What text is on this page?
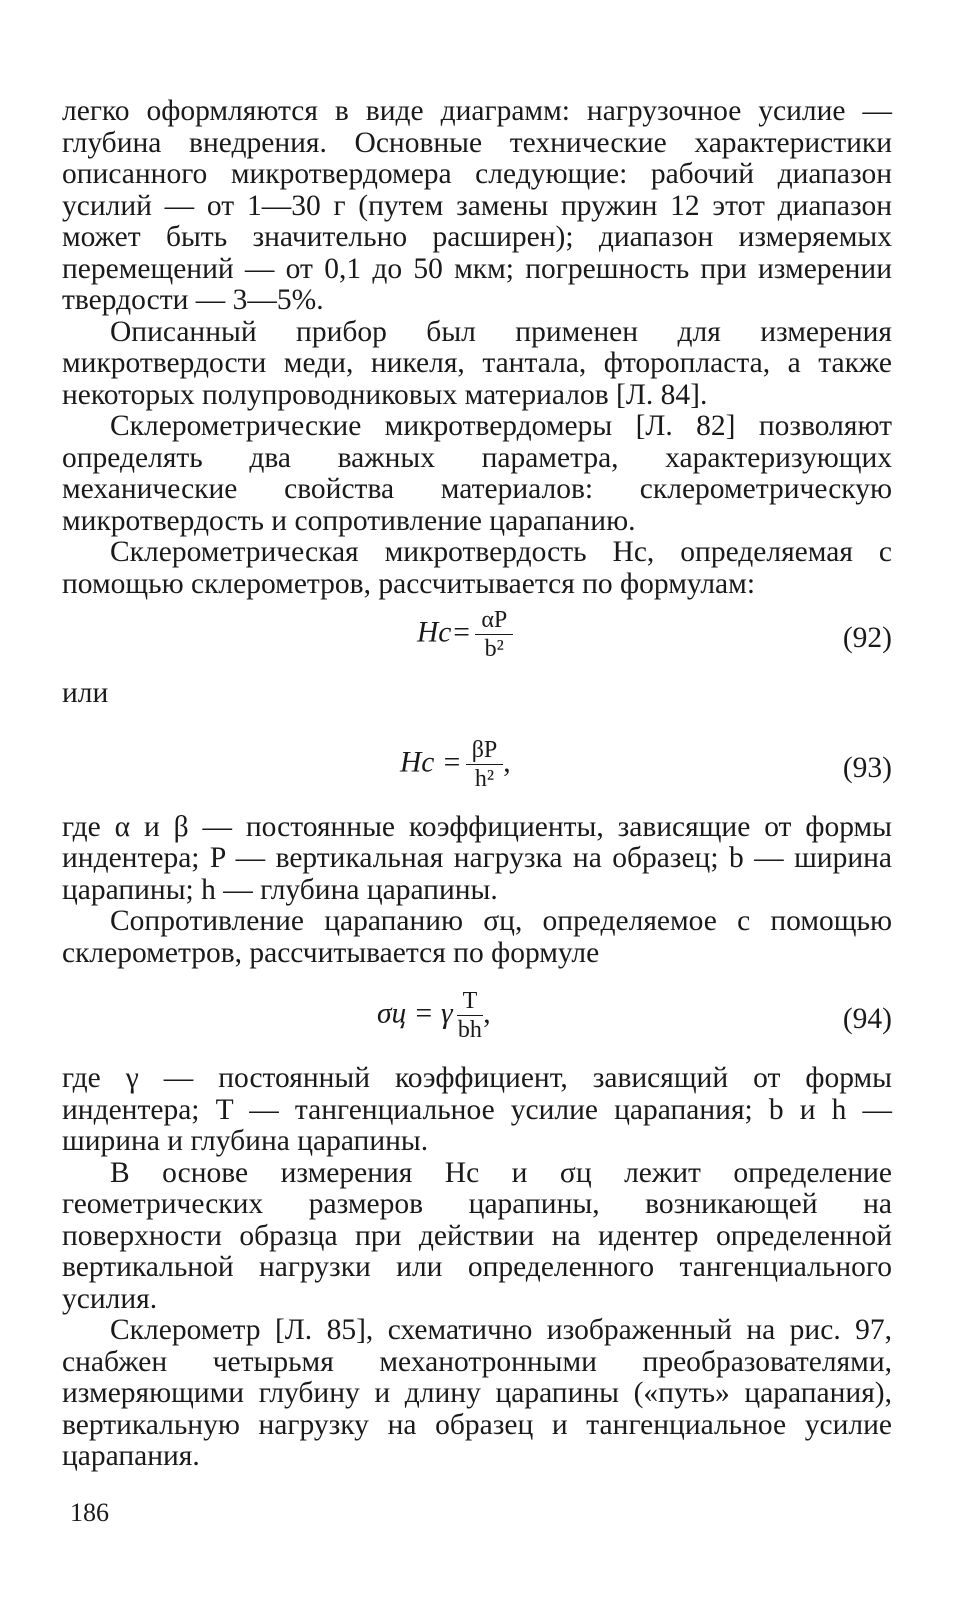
легко оформляются в виде диаграмм: нагрузочное усилие — глубина внедрения. Основные технические характеристики описанного микротвердомера следующие: рабочий диапазон усилий — от 1—30 г (путем замены пружин 12 этот диапазон может быть значительно расширен); диапазон измеряемых перемещений — от 0,1 до 50 мкм; погрешность при измерении твердости — 3—5%.

Описанный прибор был применен для измерения микротвердости меди, никеля, тантала, фторопласта, а также некоторых полупроводниковых материалов [Л. 84].

Склерометрические микротвердомеры [Л. 82] позволяют определять два важных параметра, характеризующих механические свойства материалов: склерометрическую микротвердость и сопротивление царапанию.

Склерометрическая микротвердость Hс, определяемая с помощью склерометров, рассчитывается по формулам:

$Hс= \frac{\alpha P}{\text{b²}}$	(92)

или

Hс = $\frac{\beta P}{\text{h²}}$ ,	(93)

где α и β — постоянные коэффициенты, зависящие от формы индентера; P — вертикальная нагрузка на образец; b — ширина царапины; h — глубина царапины.

Сопротивление царапанию σц, определяемое с помощью склерометров, рассчитывается по формуле

σц = γ $\frac{T}{bh}$ ,	(94)

где γ — постоянный коэффициент, зависящий от формы индентера; T — тангенциальное усилие царапания; b и h — ширина и глубина царапины.

В основе измерения Hс и σц лежит определение геометрических размеров царапины, возникающей на поверхности образца при действии на идентер определенной вертикальной нагрузки или определенного тангенциального усилия.

Склерометр [Л. 85], схематично изображенный на рис. 97, снабжен четырьмя механотронными преобразователями, измеряющими глубину и длину царапины («путь» царапания), вертикальную нагрузку на образец и тангенциальное усилие царапания.

186
